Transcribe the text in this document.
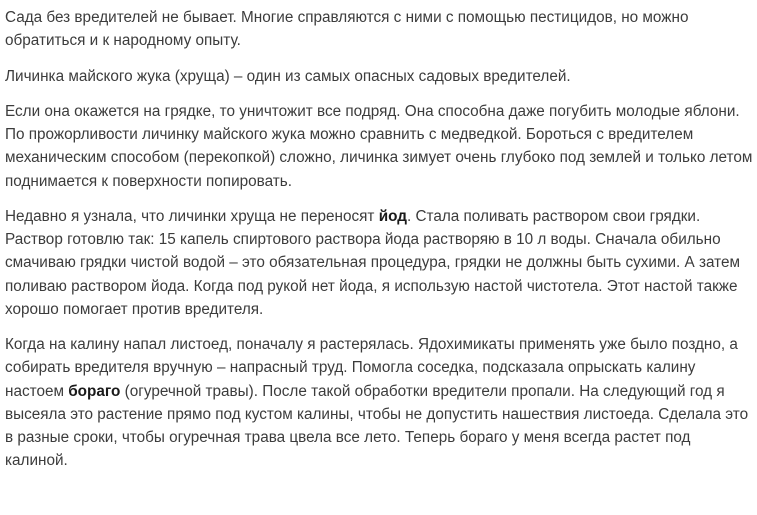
Сада без вредителей не бывает. Многие справляются с ними с помощью пестицидов, но можно
обратиться и к народному опыту.

Личинка майского жука (хруща) – один из самых опасных садовых вредителей.

Если она окажется на грядке, то уничтожит все подряд. Она способна даже погубить молодые яблони.
По прожорливости личинку майского жука можно сравнить с медведкой. Бороться с вредителем
механическим способом (перекопкой) сложно, личинка зимует очень глубоко под землей и только летом
поднимается к поверхности попировать.

Недавно я узнала, что личинки хруща не переносят йод. Стала поливать раствором свои грядки.
Раствор готовлю так: 15 капель спиртового раствора йода растворяю в 10 л воды. Сначала обильно
смачиваю грядки чистой водой – это обязательная процедура, грядки не должны быть сухими. А затем
поливаю раствором йода. Когда под рукой нет йода, я использую настой чистотела. Этот настой также
хорошо помогает против вредителя.

Когда на калину напал листоед, поначалу я растерялась. Ядохимикаты применять уже было поздно, а
собирать вредителя вручную – напрасный труд. Помогла соседка, подсказала опрыскать калину
настоем бораго (огуречной травы). После такой обработки вредители пропали. На следующий год я
высеяла это растение прямо под кустом калины, чтобы не допустить нашествия листоеда. Сделала это
в разные сроки, чтобы огуречная трава цвела все лето. Теперь бораго у меня всегда растет под
калиной.
